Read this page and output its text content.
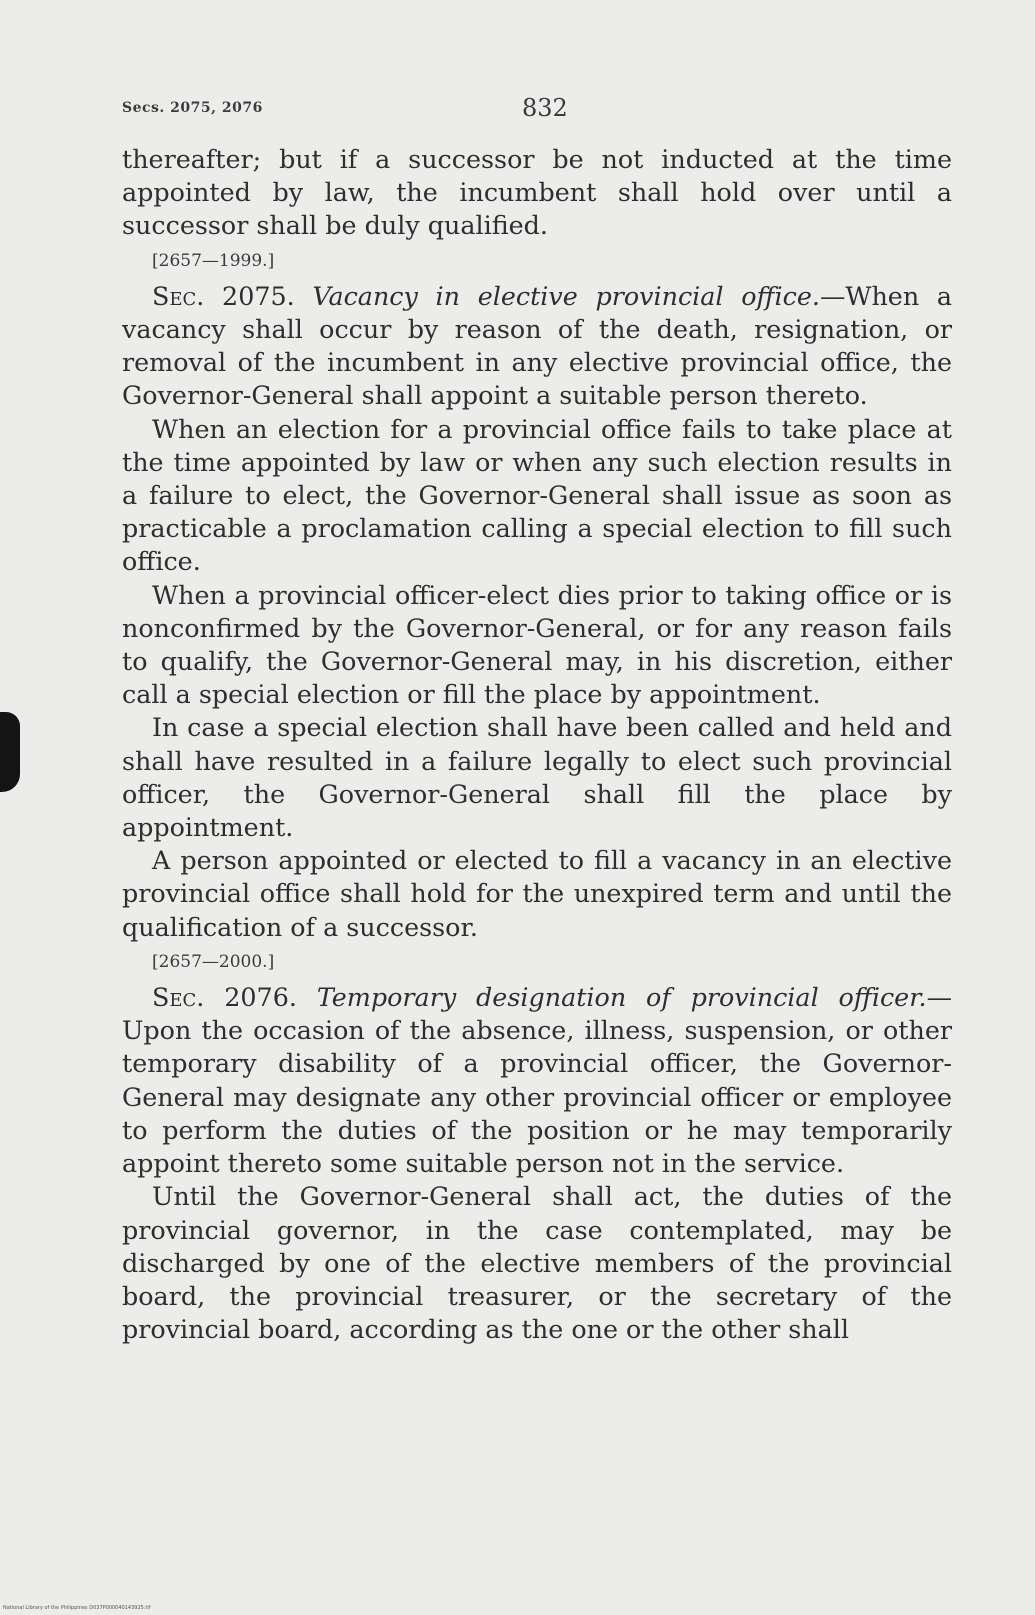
Secs. 2075, 2076	832

thereafter; but if a successor be not inducted at the time appointed by law, the incumbent shall hold over until a successor shall be duly qualified.

[2657—1999.]

Sec. 2075. Vacancy in elective provincial office.—When a vacancy shall occur by reason of the death, resignation, or removal of the incumbent in any elective provincial office, the Governor-General shall appoint a suitable person thereto.

When an election for a provincial office fails to take place at the time appointed by law or when any such election results in a failure to elect, the Governor-General shall issue as soon as practicable a proclamation calling a special election to fill such office.

When a provincial officer-elect dies prior to taking office or is nonconfirmed by the Governor-General, or for any reason fails to qualify, the Governor-General may, in his discretion, either call a special election or fill the place by appointment.

In case a special election shall have been called and held and shall have resulted in a failure legally to elect such provincial officer, the Governor-General shall fill the place by appointment.

A person appointed or elected to fill a vacancy in an elective provincial office shall hold for the unexpired term and until the qualification of a successor.

[2657—2000.]

Sec. 2076. Temporary designation of provincial officer.— Upon the occasion of the absence, illness, suspension, or other temporary disability of a provincial officer, the Governor-General may designate any other provincial officer or employee to perform the duties of the position or he may temporarily appoint thereto some suitable person not in the service.

Until the Governor-General shall act, the duties of the provincial governor, in the case contemplated, may be discharged by one of the elective members of the provincial board, the provincial treasurer, or the secretary of the provincial board, according as the one or the other shall

National Library of the Philippines D037P000040143925.tif
